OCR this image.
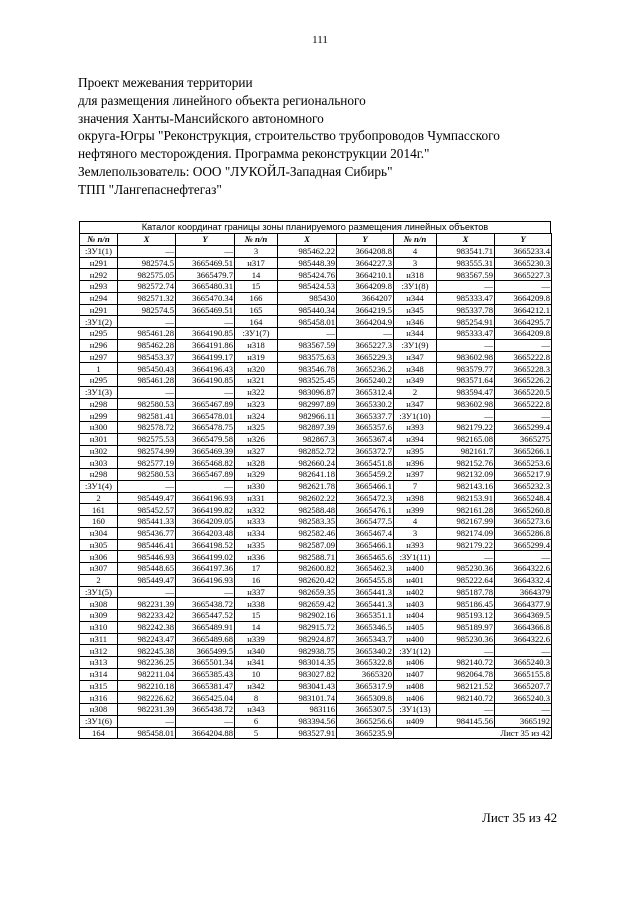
111
Проект межевания территории
для размещения линейного объекта регионального
значения Ханты-Мансийского автономного
округа-Югры "Реконструкция, строительство трубопроводов Чумпасского
нефтяного месторождения. Программа реконструкции 2014г."
Землепользователь: ООО "ЛУКОЙЛ-Западная Сибирь"
ТПП "Лангепаснефтегаз"
Каталог координат границы зоны планируемого размещения линейных объектов
№ п/п	X	Y	№ п/п	X	Y	№ п/п	X	Y
:ЗУ1(1)	—	—	3	985462.22	3664208.8	4	983541.71	3665233.4
н291	982574.5	3665469.51	н317	985448.39	3664227.3	3	983555.31	3665230.3
н292	982575.05	3665479.7	14	985424.76	3664210.1	н318	983567.59	3665227.3
н293	982572.74	3665480.31	15	985424.53	3664209.8	:ЗУ1(8)	—	—
н294	982571.32	3665470.34	166	985430	3664207	н344	985333.47	3664209.8
н291	982574.5	3665469.51	165	985440.34	3664219.5	н345	985337.78	3664212.1
:ЗУ1(2)	—	—	164	985458.01	3664204.9	н346	985254.91	3664295.7
н295	985461.28	3664190.85	:ЗУ1(7)	—	—	н344	985333.47	3664209.8
н296	985462.28	3664191.86	н318	983567.59	3665227.3	:ЗУ1(9)	—	—
н297	985453.37	3664199.17	н319	983575.63	3665229.3	н347	983602.98	3665222.8
1	985450.43	3664196.43	н320	983546.78	3665236.2	н348	983579.77	3665228.3
н295	985461.28	3664190.85	н321	983525.45	3665240.2	н349	983571.64	3665226.2
:ЗУ1(3)	—	—	н322	983096.87	3665312.4	2	983594.47	3665220.5
н298	982580.53	3665467.89	н323	982997.89	3665330.2	н347	983602.98	3665222.8
н299	982581.41	3665478.01	н324	982966.11	3665337.7	:ЗУ1(10)	—	—
н300	982578.72	3665478.75	н325	982897.39	3665357.6	н393	982179.22	3665299.4
н301	982575.53	3665479.58	н326	982867.3	3665367.4	н394	982165.08	3665275
н302	982574.99	3665469.39	н327	982852.72	3665372.7	н395	982161.7	3665266.1
н303	982577.19	3665468.82	н328	982660.24	3665451.8	н396	982152.76	3665253.6
н298	982580.53	3665467.89	н329	982641.18	3665459.2	н397	982132.09	3665217.9
:ЗУ1(4)	—	—	н330	982621.78	3665466.1	7	982143.16	3665232.3
2	985449.47	3664196.93	н331	982602.22	3665472.3	н398	982153.91	3665248.4
161	985452.57	3664199.82	н332	982588.48	3665476.1	н399	982161.28	3665260.8
160	985441.33	3664209.05	н333	982583.35	3665477.5	4	982167.99	3665273.6
н304	985436.77	3664203.48	н334	982582.46	3665467.4	3	982174.09	3665286.8
н305	985446.41	3664198.52	н335	982587.09	3665466.1	н393	982179.22	3665299.4
н306	985446.93	3664199.02	н336	982588.71	3665465.6	:ЗУ1(11)	—	—
н307	985448.65	3664197.36	17	982600.82	3665462.3	н400	985230.36	3664322.6
2	985449.47	3664196.93	16	982620.42	3665455.8	н401	985222.64	3664332.4
:ЗУ1(5)	—	—	н337	982659.35	3665441.3	н402	985187.78	3664379
н308	982231.39	3665438.72	н338	982659.42	3665441.3	н403	985186.45	3664377.9
н309	982233.42	3665447.52	15	982902.16	3665351.1	н404	985193.12	3664369.5
н310	982242.38	3665489.91	14	982915.72	3665346.5	н405	985189.97	3664366.8
н311	982243.47	3665489.68	н339	982924.87	3665343.7	н400	985230.36	3664322.6
н312	982245.38	3665499.5	н340	982938.75	3665340.2	:ЗУ1(12)	—	—
н313	982236.25	3665501.34	н341	983014.35	3665322.8	н406	982140.72	3665240.3
н314	982211.04	3665385.43	10	983027.82	3665320	н407	982064.78	3665155.8
н315	982210.18	3665381.47	н342	983041.43	3665317.9	н408	982121.52	3665207.7
н316	982226.62	3665425.04	8	983101.74	3665309.8	н406	982140.72	3665240.3
н308	982231.39	3665438.72	н343	983116	3665307.5	:ЗУ1(13)	—	—
:ЗУ1(6)	—	—	6	983394.56	3665256.6	н409	984145.56	3665192
164	985458.01	3664204.88	5	983527.91	3665235.9	Лист 35 из 42		
Лист 35 из 42
